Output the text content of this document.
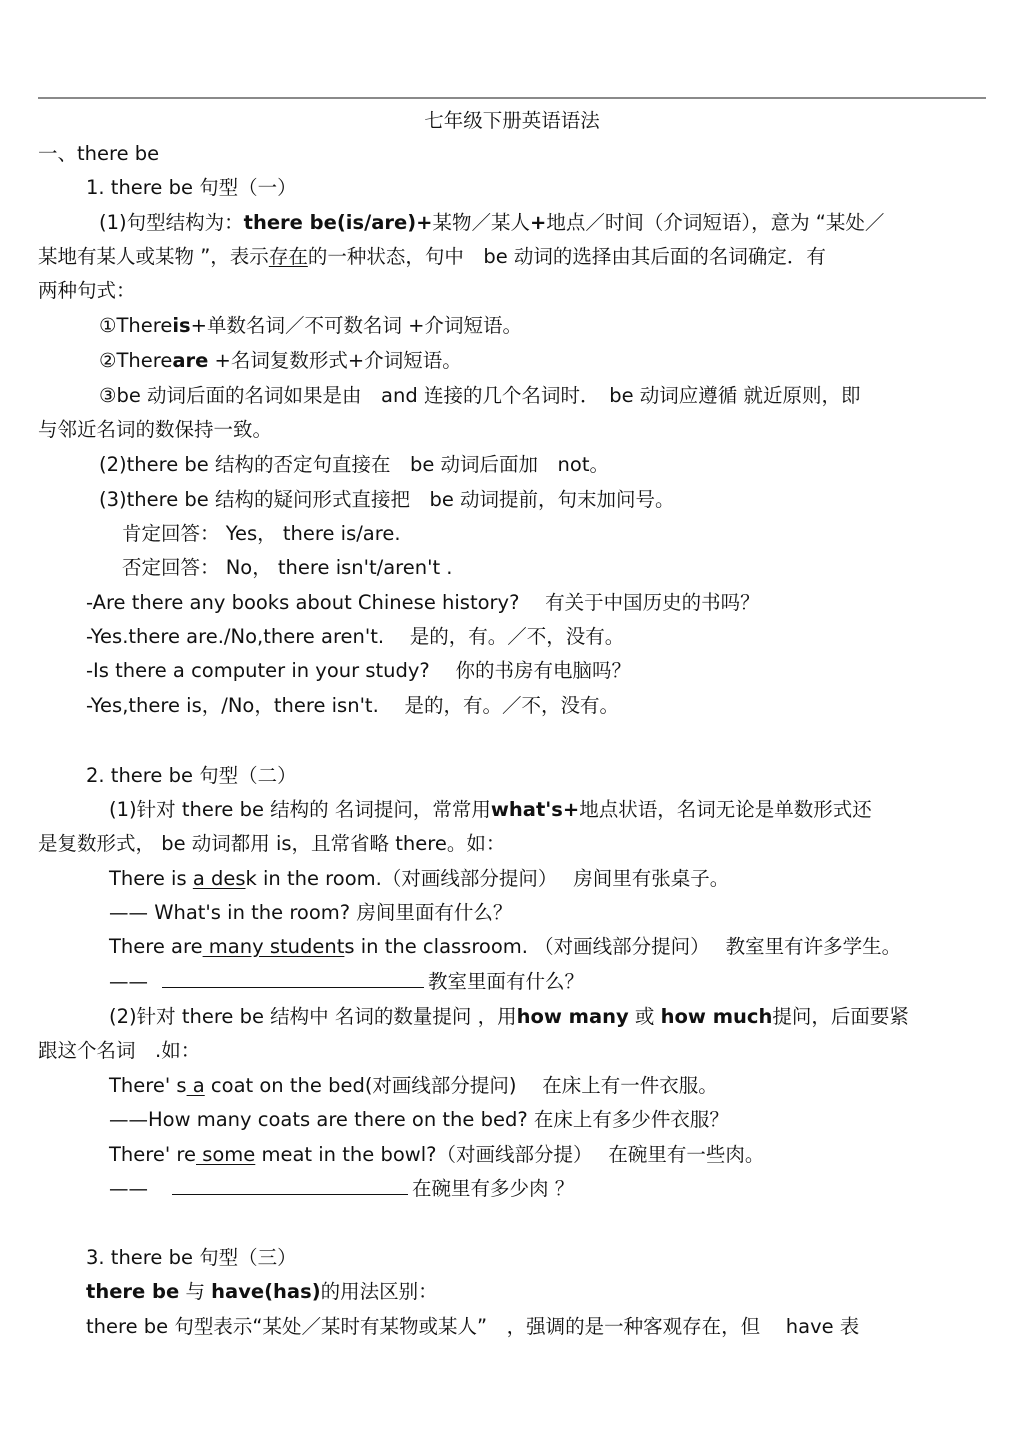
七年级下册英语语法
一、there be
1. there be 句型（一）
(1)句型结构为：there be(is/are)+某物／某人+地点／时间（介词短语），意为 “某处／
某地有某人或某物 ”，表示存在的一种状态，句中　be 动词的选择由其后面的名词确定．有
两种句式：
①Thereis+单数名词／不可数名词 +介词短语。
②Thereare +名词复数形式+介词短语。
③be 动词后面的名词如果是由　and 连接的几个名词时．　be 动词应遵循 就近原则，即
与邻近名词的数保持一致。
(2)there be 结构的否定句直接在　be 动词后面加　not。
(3)there be 结构的疑问形式直接把　be 动词提前，句末加问号。
肯定回答： Yes， there is/are.
否定回答： No， there isn't/aren't .
-Are there any books about Chinese history?　 有关于中国历史的书吗？
-Yes.there are./No,there aren't.　 是的，有。／不，没有。
-Is there a computer in your study?　 你的书房有电脑吗？
-Yes,there is，/No，there isn't.　 是的，有。／不，没有。
2. there be 句型（二）
(1)针对 there be 结构的 名词提问，常常用what's+地点状语，名词无论是单数形式还
是复数形式， be 动词都用 is，且常省略 there。如：
There is a desk in the room.（对画线部分提问）　 房间里有张桌子。
—— What's in the room? 房间里面有什么？
There are many students in the classroom. （对画线部分提问）　 教室里有许多学生。
——	教室里面有什么？
(2)针对 there be 结构中 名词的数量提问 ，用how many 或 how much提问，后面要紧
跟这个名词　.如：
There' s a coat on the bed(对画线部分提问)　 在床上有一件衣服。
——How many coats are there on the bed? 在床上有多少件衣服？
There' re some meat in the bowl?（对画线部分提）　 在碗里有一些肉。
——	在碗里有多少肉 ？
3. there be 句型（三）
there be 与 have(has)的用法区别：
there be 句型表示“某处／某时有某物或某人”　，强调的是一种客观存在，但　 have 表
